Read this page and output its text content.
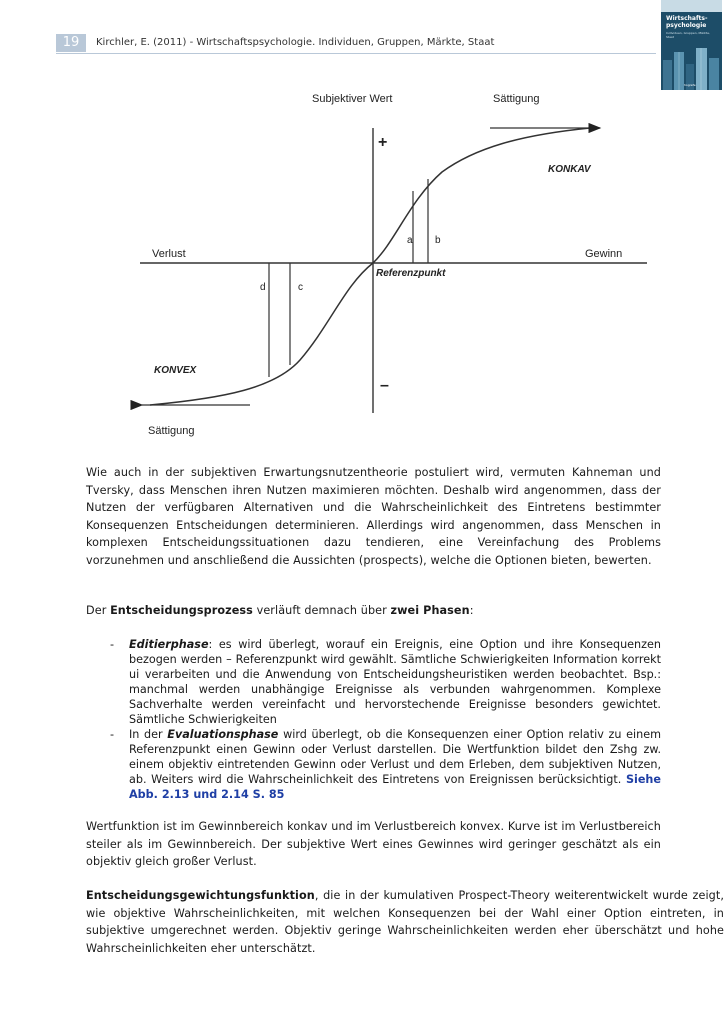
19	Kirchler, E. (2011) - Wirtschaftspsychologie. Individuen, Gruppen, Märkte, Staat
Wirtschafts-
psychologie
Individuen, Gruppen, Märkte, Staat
hogrefe
Subjektiver Wert	Sättigung
+
KONKAV
a b
Verlust	Gewinn
Referenzpunkt
d	c
KONVEX
–
Sättigung

Wie auch in der subjektiven Erwartungsnutzentheorie postuliert wird, vermuten Kahneman und Tversky, dass Menschen ihren Nutzen maximieren möchten. Deshalb wird angenommen, dass der Nutzen der verfügbaren Alternativen und die Wahrscheinlichkeit des Eintretens bestimmter Konsequenzen Entscheidungen determinieren. Allerdings wird angenommen, dass Menschen in komplexen Entscheidungssituationen dazu tendieren, eine Vereinfachung des Problems vorzunehmen und anschließend die Aussichten (prospects), welche die Optionen bieten, bewerten.

Der Entscheidungsprozess verläuft demnach über zwei Phasen:

- Editierphase: es wird überlegt, worauf ein Ereignis, eine Option und ihre Konsequenzen bezogen werden – Referenzpunkt wird gewählt. Sämtliche Schwierigkeiten Information korrekt ui verarbeiten und die Anwendung von Entscheidungsheuristiken werden beobachtet. Bsp.: manchmal werden unabhängige Ereignisse als verbunden wahrgenommen. Komplexe Sachverhalte werden vereinfacht und hervorstechende Ereignisse besonders gewichtet. Sämtliche Schwierigkeiten
- In der Evaluationsphase wird überlegt, ob die Konsequenzen einer Option relativ zu einem Referenzpunkt einen Gewinn oder Verlust darstellen. Die Wertfunktion bildet den Zshg zw. einem objektiv eintretenden Gewinn oder Verlust und dem Erleben, dem subjektiven Nutzen, ab. Weiters wird die Wahrscheinlichkeit des Eintretens von Ereignissen berücksichtigt. Siehe Abb. 2.13 und 2.14 S. 85

Wertfunktion ist im Gewinnbereich konkav und im Verlustbereich konvex. Kurve ist im Verlustbereich steiler als im Gewinnbereich. Der subjektive Wert eines Gewinnes wird geringer geschätzt als ein objektiv gleich großer Verlust.

Entscheidungsgewichtungsfunktion, die in der kumulativen Prospect-Theory weiterentwickelt wurde zeigt, wie objektive Wahrscheinlichkeiten, mit welchen Konsequenzen bei der Wahl einer Option eintreten, in subjektive umgerechnet werden. Objektiv geringe Wahrscheinlichkeiten werden eher überschätzt und hohe Wahrscheinlichkeiten eher unterschätzt.
